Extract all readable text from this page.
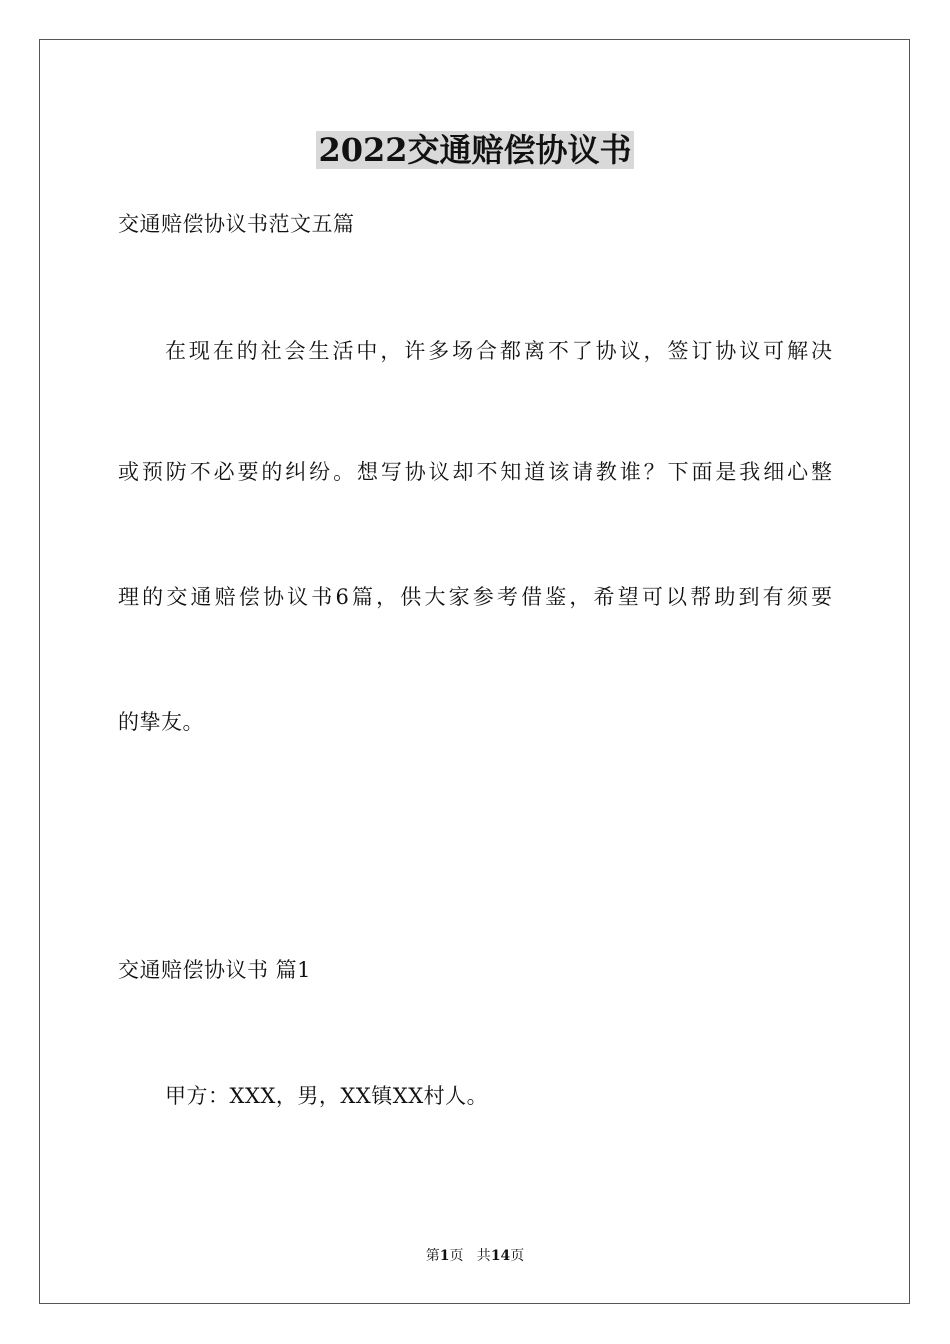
2022交通赔偿协议书
交通赔偿协议书范文五篇
在现在的社会生活中，许多场合都离不了协议，签订协议可解决
或预防不必要的纠纷。想写协议却不知道该请教谁？下面是我细心整
理的交通赔偿协议书6篇，供大家参考借鉴，希望可以帮助到有须要
的挚友。
交通赔偿协议书 篇1
甲方：XXX，男，XX镇XX村人。
第1页   共14页
